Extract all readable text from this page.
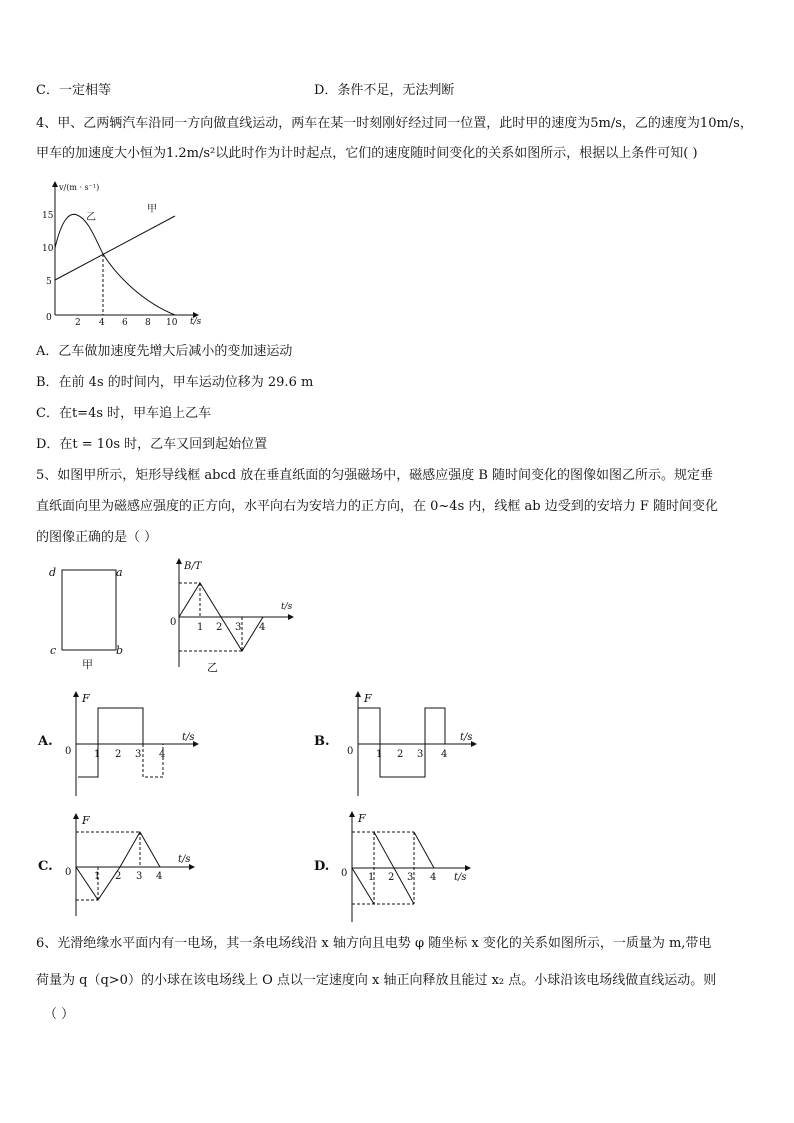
C．一定相等	D．条件不足，无法判断
4、甲、乙两辆汽车沿同一方向做直线运动，两车在某一时刻刚好经过同一位置，此时甲的速度为5m/s，乙的速度为10m/s，
甲车的加速度大小恒为1.2m/s²以此时作为计时起点，它们的速度随时间变化的关系如图所示，根据以上条件可知( )
v/(m · s⁻¹)
t/s
0
15
10
5
2 4 6 8 10
甲
乙
A．乙车做加速度先增大后减小的变加速运动
B．在前 4s 的时间内，甲车运动位移为 29.6 m
C．在t=4s 时，甲车追上乙车
D．在t = 10s 时，乙车又回到起始位置
5、如图甲所示，矩形导线框 abcd 放在垂直纸面的匀强磁场中，磁感应强度 B 随时间变化的图像如图乙所示。规定垂
直纸面向里为磁感应强度的正方向，水平向右为安培力的正方向，在 0~4s 内，线框 ab 边受到的安培力 F 随时间变化
的图像正确的是（ ）
d	a
c	b
甲
B/T
t/s
0 1 2 3 4
乙
A.
F
t/s
0 1 2 3 4
B.
F
t/s
0 1 2 3 4
C.
F
t/s
0 1 2 3 4
D.
F
t/s
0 1 2 3 4
6、光滑绝缘水平面内有一电场，其一条电场线沿 x 轴方向且电势 φ 随坐标 x 变化的关系如图所示，一质量为 m,带电
荷量为 q（q>0）的小球在该电场线上 O 点以一定速度向 x 轴正向释放且能过 x₂ 点。小球沿该电场线做直线运动。则
（ ）
